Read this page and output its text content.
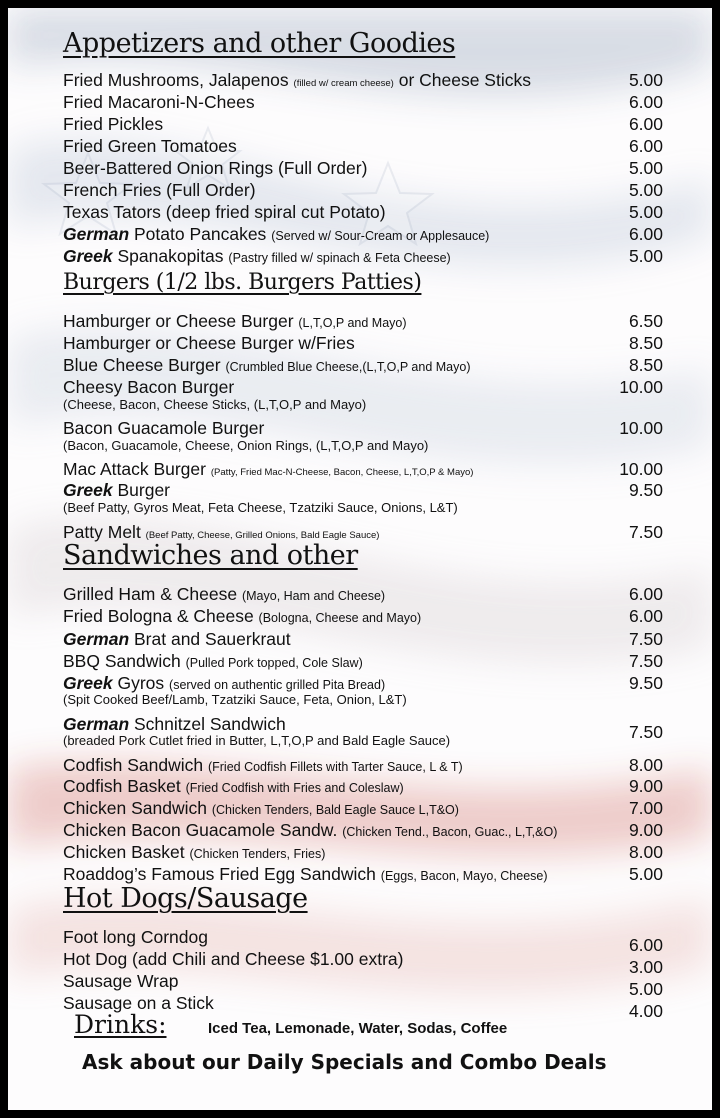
Appetizers and other Goodies
Fried Mushrooms, Jalapenos (filled w/ cream cheese) or Cheese Sticks	5.00
Fried Macaroni-N-Chees	6.00
Fried Pickles	6.00
Fried Green Tomatoes	6.00
Beer-Battered Onion Rings (Full Order)	5.00
French Fries (Full Order)	5.00
Texas Tators (deep fried spiral cut Potato)	5.00
German Potato Pancakes (Served w/ Sour-Cream or Applesauce)	6.00
Greek Spanakopitas (Pastry filled w/ spinach & Feta Cheese)	5.00
Burgers (1/2 lbs. Burgers Patties)
Hamburger or Cheese Burger (L,T,O,P and Mayo)	6.50
Hamburger or Cheese Burger w/Fries	8.50
Blue Cheese Burger (Crumbled Blue Cheese,(L,T,O,P and Mayo)	8.50
Cheesy Bacon Burger	10.00
(Cheese, Bacon, Cheese Sticks, (L,T,O,P and Mayo)
Bacon Guacamole Burger	10.00
(Bacon, Guacamole, Cheese, Onion Rings, (L,T,O,P and Mayo)
Mac Attack Burger (Patty, Fried Mac-N-Cheese, Bacon, Cheese, L,T,O,P & Mayo)	10.00
Greek Burger	9.50
(Beef Patty, Gyros Meat, Feta Cheese, Tzatziki Sauce, Onions, L&T)
Patty Melt (Beef Patty, Cheese, Grilled Onions, Bald Eagle Sauce)	7.50
Sandwiches and other
Grilled Ham & Cheese (Mayo, Ham and Cheese)	6.00
Fried Bologna & Cheese (Bologna, Cheese and Mayo)	6.00
German Brat and Sauerkraut	7.50
BBQ Sandwich (Pulled Pork topped, Cole Slaw)	7.50
Greek Gyros (served on authentic grilled Pita Bread)	9.50
(Spit Cooked Beef/Lamb, Tzatziki Sauce, Feta, Onion, L&T)
German Schnitzel Sandwich	7.50
(breaded Pork Cutlet fried in Butter, L,T,O,P and Bald Eagle Sauce)
Codfish Sandwich (Fried Codfish Fillets with Tarter Sauce, L & T)	8.00
Codfish Basket (Fried Codfish with Fries and Coleslaw)	9.00
Chicken Sandwich (Chicken Tenders, Bald Eagle Sauce L,T&O)	7.00
Chicken Bacon Guacamole Sandw. (Chicken Tend., Bacon, Guac., L,T,&O)	9.00
Chicken Basket (Chicken Tenders, Fries)	8.00
Roaddog’s Famous Fried Egg Sandwich (Eggs, Bacon, Mayo, Cheese)	5.00
Hot Dogs/Sausage
Foot long Corndog	6.00
Hot Dog (add Chili and Cheese $1.00 extra)	3.00
Sausage Wrap	5.00
Sausage on a Stick	4.00
Drinks:	Iced Tea, Lemonade, Water, Sodas, Coffee
Ask about our Daily Specials and Combo Deals
